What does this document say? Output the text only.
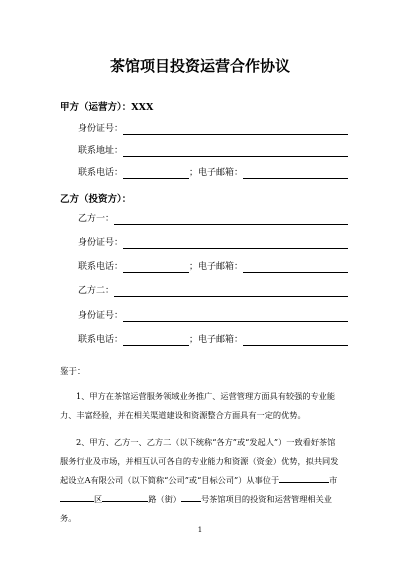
茶馆项目投资运营合作协议
甲方（运营方）：XXX
身份证号：
联系地址：
联系电话：	；电子邮箱：
乙方（投资方）：
乙方一：
身份证号：
联系电话：	；电子邮箱：
乙方二：
身份证号：
联系电话：	；电子邮箱：
鉴于：
1、甲方在茶馆运营服务领域业务推广、运营管理方面具有较强的专业能力、丰富经验，并在相关渠道建设和资源整合方面具有一定的优势。
2、甲方、乙方一、乙方二（以下统称“各方”或“发起人”）一致看好茶馆服务行业及市场，并相互认可各自的专业能力和资源（资金）优势，拟共同发起设立A有限公司（以下简称“公司”或“目标公司”）从事位于	市区	路（街） 号茶馆项目的投资和运营管理相关业务。
1
